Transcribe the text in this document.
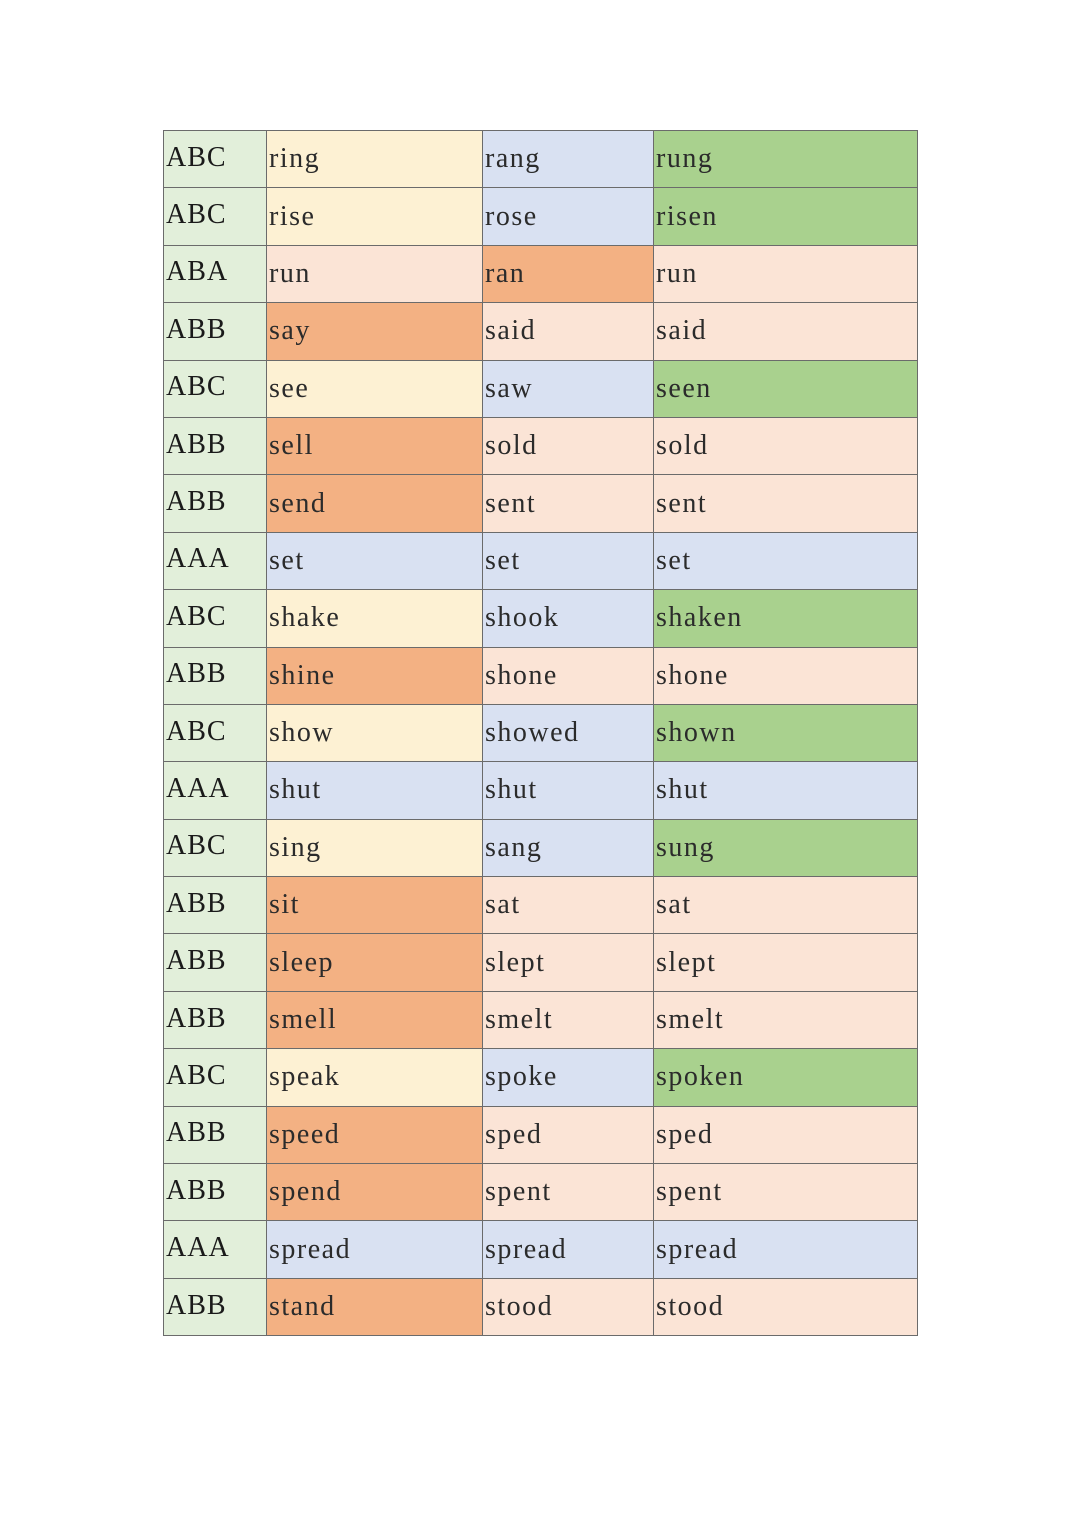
ABC	ring	rang	rung
ABC	rise	rose	risen
ABA	run	ran	run
ABB	say	said	said
ABC	see	saw	seen
ABB	sell	sold	sold
ABB	send	sent	sent
AAA	set	set	set
ABC	shake	shook	shaken
ABB	shine	shone	shone
ABC	show	showed	shown
AAA	shut	shut	shut
ABC	sing	sang	sung
ABB	sit	sat	sat
ABB	sleep	slept	slept
ABB	smell	smelt	smelt
ABC	speak	spoke	spoken
ABB	speed	sped	sped
ABB	spend	spent	spent
AAA	spread	spread	spread
ABB	stand	stood	stood
